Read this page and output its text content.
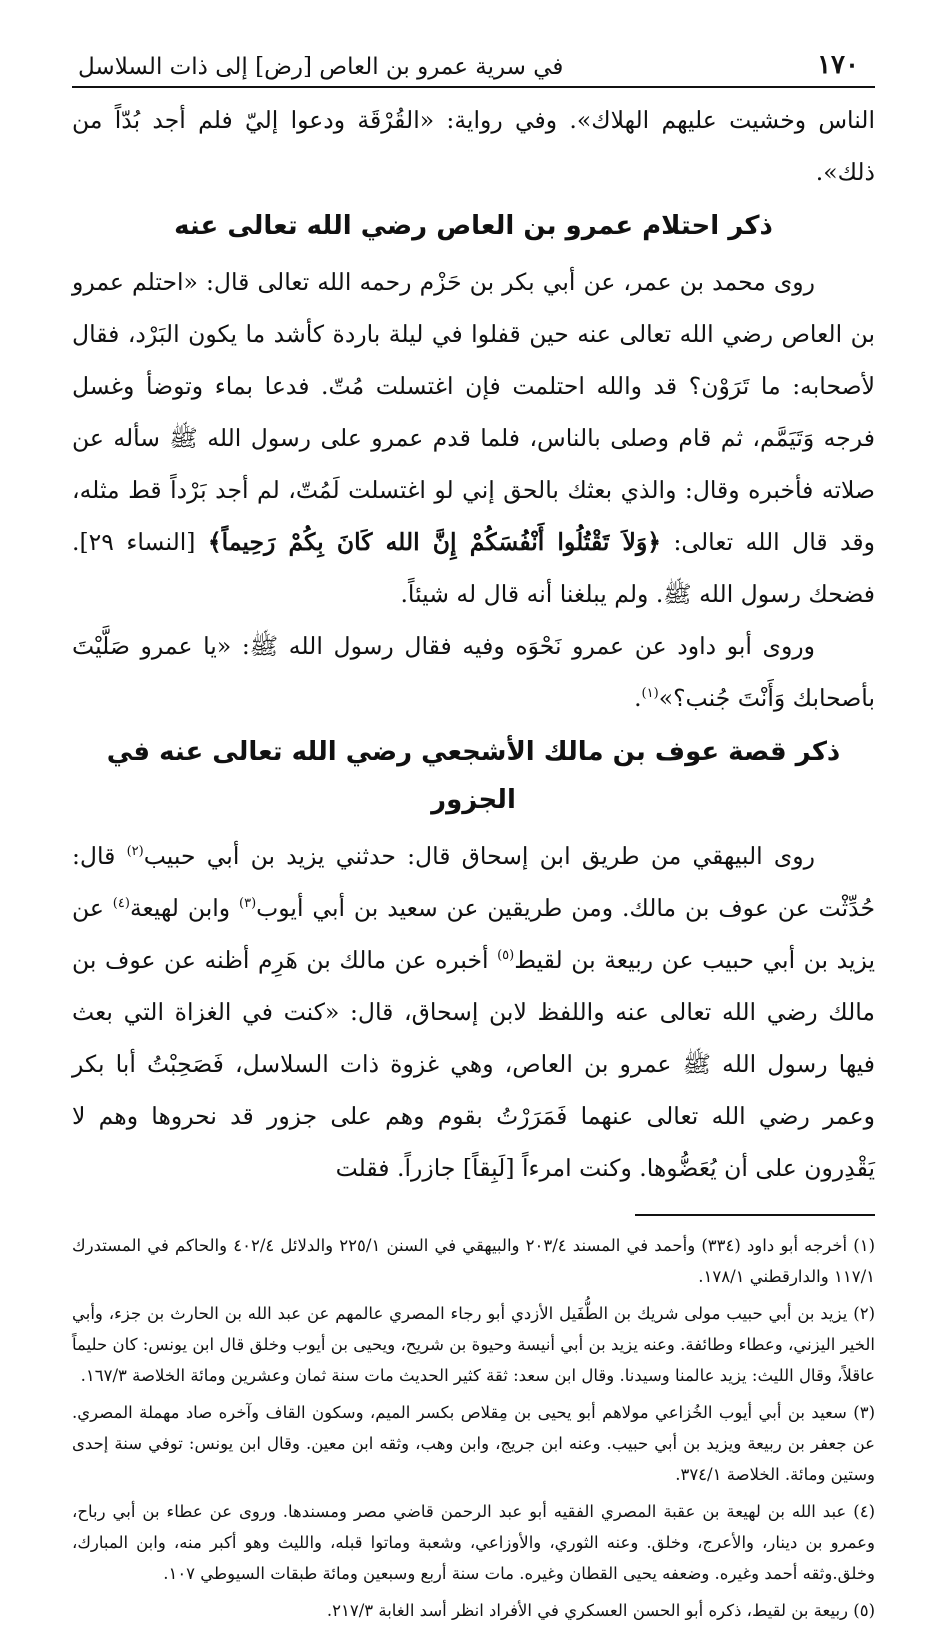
١٧٠
في سرية عمرو بن العاص [رض] إلى ذات السلاسل

الناس وخشيت عليهم الهلاك». وفي رواية: «القُرْقَة ودعوا إليّ فلم أجد بُدّاً من ذلك».

ذكر احتلام عمرو بن العاص رضي الله تعالى عنه

روى محمد بن عمر، عن أبي بكر بن حَزْم رحمه الله تعالى قال: «احتلم عمرو بن العاص رضي الله تعالى عنه حين قفلوا في ليلة باردة كأشد ما يكون البَرْد، فقال لأصحابه: ما تَرَوْن؟ قد والله احتلمت فإن اغتسلت مُتّ. فدعا بماء وتوضأ وغسل فرجه وَتَيَمَّم، ثم قام وصلى بالناس، فلما قدم عمرو على رسول الله ﷺ سأله عن صلاته فأخبره وقال: والذي بعثك بالحق إني لو اغتسلت لَمُتّ، لم أجد بَرْداً قط مثله، وقد قال الله تعالى: ﴿وَلاَ تَقْتُلُوا أَنْفُسَكُمْ إِنَّ الله كَانَ بِكُمْ رَحِيماً﴾ [النساء ٢٩]. فضحك رسول الله ﷺ. ولم يبلغنا أنه قال له شيئاً.

وروى أبو داود عن عمرو نَحْوَه وفيه فقال رسول الله ﷺ: «يا عمرو صَلَّيْتَ بأصحابك وَأَنْتَ جُنب؟»$^{(١)}$.

ذكر قصة عوف بن مالك الأشجعي رضي الله تعالى عنه في الجزور

روى البيهقي من طريق ابن إسحاق قال: حدثني يزيد بن أبي حبيب$^{(٢)}$ قال: حُدِّثْت عن عوف بن مالك. ومن طريقين عن سعيد بن أبي أيوب$^{(٣)}$ وابن لهيعة$^{(٤)}$ عن يزيد بن أبي حبيب عن ربيعة بن لقيط$^{(٥)}$ أخبره عن مالك بن هَرِم أظنه عن عوف بن مالك رضي الله تعالى عنه واللفظ لابن إسحاق، قال: «كنت في الغزاة التي بعث فيها رسول الله ﷺ عمرو بن العاص، وهي غزوة ذات السلاسل، فَصَحِبْتُ أبا بكر وعمر رضي الله تعالى عنهما فَمَرَرْتُ بقوم وهم على جزور قد نحروها وهم لا يَقْدِرون على أن يُعَضُّوها. وكنت امرءاً [لَبِقاً] جازراً. فقلت

(١) أخرجه أبو داود (٣٣٤) وأحمد في المسند ٢٠٣/٤ والبيهقي في السنن ٢٢٥/١ والدلائل ٤٠٢/٤ والحاكم في المستدرك ١١٧/١ والدارقطني ١٧٨/١.

(٢) يزيد بن أبي حبيب مولى شريك بن الطُّفَيل الأزدي أبو رجاء المصري عالمهم عن عبد الله بن الحارث بن جزء، وأبي الخير اليزني، وعطاء وطائفة. وعنه يزيد بن أبي أنيسة وحيوة بن شريح، ويحيى بن أيوب وخلق قال ابن يونس: كان حليماً عاقلاً، وقال الليث: يزيد عالمنا وسيدنا. وقال ابن سعد: ثقة كثير الحديث مات سنة ثمان وعشرين ومائة الخلاصة ١٦٧/٣.

(٣) سعيد بن أبي أيوب الخُزاعي مولاهم أبو يحيى بن مِقلاص بكسر الميم، وسكون القاف وآخره صاد مهملة المصري. عن جعفر بن ربيعة ويزيد بن أبي حبيب. وعنه ابن جريج، وابن وهب، وثقه ابن معين. وقال ابن يونس: توفي سنة إحدى وستين ومائة. الخلاصة ٣٧٤/١.

(٤) عبد الله بن لهيعة بن عقبة المصري الفقيه أبو عبد الرحمن قاضي مصر ومسندها. وروى عن عطاء بن أبي رباح، وعمرو بن دينار، والأعرج، وخلق. وعنه الثوري، والأوزاعي، وشعبة وماتوا قبله، والليث وهو أكبر منه، وابن المبارك، وخلق.وثقه أحمد وغيره. وضعفه يحيى القطان وغيره. مات سنة أربع وسبعين ومائة طبقات السيوطي ١٠٧.

(٥) ربيعة بن لقيط، ذكره أبو الحسن العسكري في الأفراد انظر أسد الغابة ٢١٧/٣.
